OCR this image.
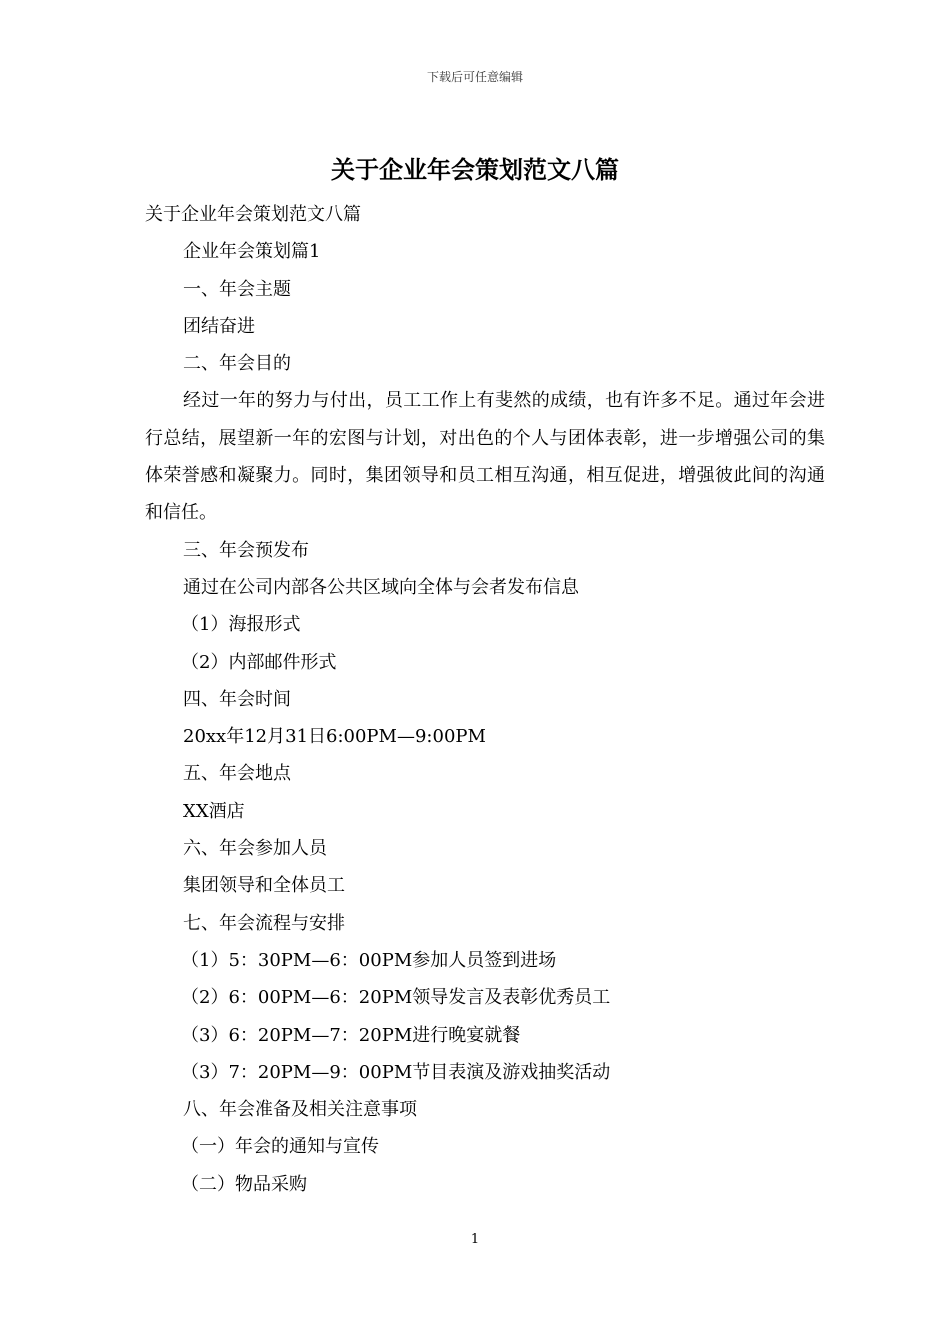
下载后可任意编辑
关于企业年会策划范文八篇
关于企业年会策划范文八篇
企业年会策划篇1
一、年会主题
团结奋进
二、年会目的
经过一年的努力与付出，员工工作上有斐然的成绩，也有许多不足。通过年会进行总结，展望新一年的宏图与计划，对出色的个人与团体表彰，进一步增强公司的集体荣誉感和凝聚力。同时，集团领导和员工相互沟通，相互促进，增强彼此间的沟通和信任。
三、年会预发布
通过在公司内部各公共区域向全体与会者发布信息
（1）海报形式
（2）内部邮件形式
四、年会时间
20xx年12月31日6:00PM—9:00PM
五、年会地点
XX酒店
六、年会参加人员
集团领导和全体员工
七、年会流程与安排
（1）5：30PM—6：00PM参加人员签到进场
（2）6：00PM—6：20PM领导发言及表彰优秀员工
（3）6：20PM—7：20PM进行晚宴就餐
（3）7：20PM—9：00PM节目表演及游戏抽奖活动
八、年会准备及相关注意事项
（一）年会的通知与宣传
（二）物品采购
1
